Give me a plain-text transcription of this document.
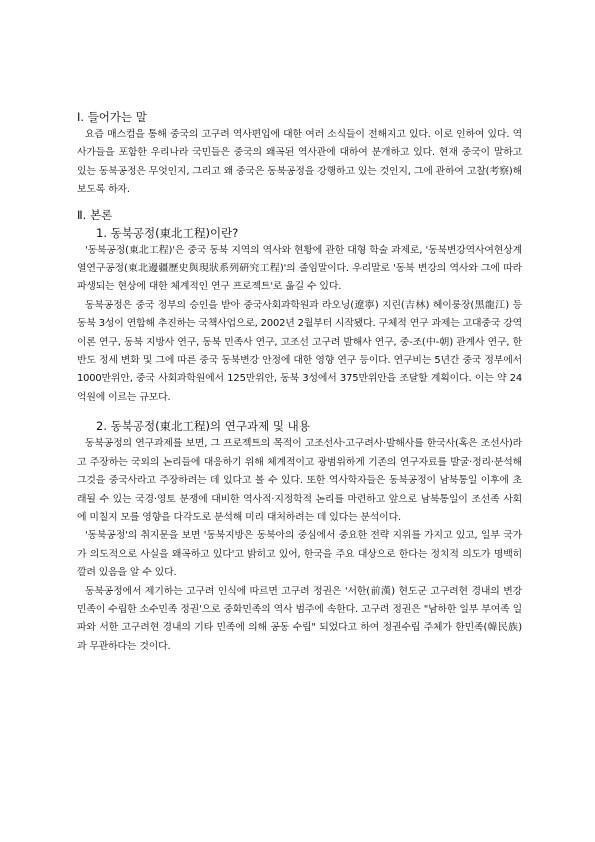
Ⅰ. 들어가는 말

요즘 매스컴을 통해 중국의 고구려 역사편입에 대한 여러 소식들이 전해지고 있다. 이로 인하여 있다. 역사가들을 포함한 우리나라 국민들은 중국의 왜곡된 역사관에 대하여 분개하고 있다. 현재 중국이 말하고 있는 동북공정은 무엇인지, 그리고 왜 중국은 동북공정을 강행하고 있는 것인지, 그에 관하여 고찰(考察)해 보도록 하자.

Ⅱ. 본론

1. 동북공정(東北工程)이란?

'동북공정(東北工程)'은 중국 동북 지역의 역사와 현황에 관한 대형 학술 과제로, '동북변강역사여현상계열연구공정(東北邊疆歷史與現狀系列硏究工程)'의 줄임말이다. 우리말로 '동북 변강의 역사와 그에 따라 파생되는 현상에 대한 체계적인 연구 프로젝트'로 옮길 수 있다.

동북공정은 중국 정부의 승인을 받아 중국사회과학원과 라오닝(遼寧) 지린(吉林) 헤이룽장(黑龍江) 등 동북 3성이 연합해 추진하는 국책사업으로, 2002년 2월부터 시작됐다. 구체적 연구 과제는 고대중국 강역이론 연구, 동북 지방사 연구, 동북 민족사 연구, 고조선 고구려 발해사 연구, 중-조(中-朝) 관계사 연구, 한반도 정세 변화 및 그에 따른 중국 동북변강 안정에 대한 영향 연구 등이다. 연구비는 5년간 중국 정부에서 1000만위안, 중국 사회과학원에서 125만위안, 동북 3성에서 375만위안을 조달할 계획이다. 이는 약 24억원에 이르는 규모다.

2. 동북공정(東北工程)의 연구과제 및 내용

동북공정의 연구과제를 보면, 그 프로젝트의 목적이 고조선사·고구려사·발해사를 한국사(혹은 조선사)라고 주장하는 국외의 논리들에 대응하기 위해 체계적이고 광범위하게 기존의 연구자료를 발굴·정리·분석해 그것을 중국사라고 주장하려는 데 있다고 볼 수 있다. 또한 역사학자들은 동북공정이 남북통일 이후에 초래될 수 있는 국경·영토 분쟁에 대비한 역사적·지정학적 논리를 마련하고 앞으로 남북통일이 조선족 사회에 미칠지 모를 영향을 다각도로 분석해 미리 대처하려는 데 있다는 분석이다.

'동북공정'의 취지문을 보면 '동북지방은 동북아의 중심에서 중요한 전략 지위를 가지고 있고, 일부 국가가 의도적으로 사실을 왜곡하고 있다'고 밝히고 있어, 한국을 주요 대상으로 한다는 정치적 의도가 명백히 깔려 있음을 알 수 있다.

동북공정에서 제기하는 고구려 인식에 따르면 고구려 정권은 '서한(前漢) 현도군 고구려현 경내의 변강민족이 수립한 소수민족 정권'으로 중화민족의 역사 범주에 속한다. 고구려 정권은 "남하한 일부 부여족 일파와 서한 고구려현 경내의 기타 민족에 의해 공동 수립" 되었다고 하여 정권수립 주체가 한민족(韓民族)과 무관하다는 것이다.
